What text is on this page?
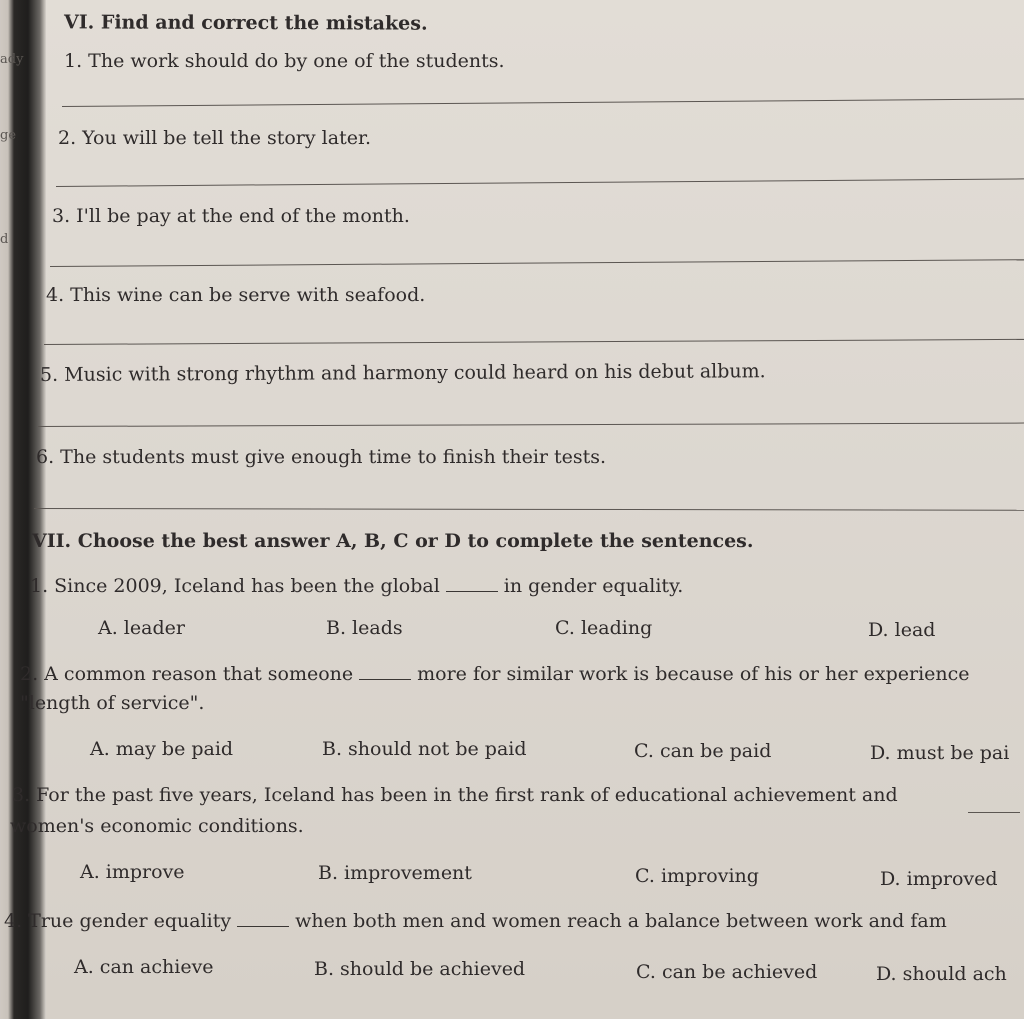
ady
ge
d
VI. Find and correct the mistakes.
1. The work should do by one of the students.
2. You will be tell the story later.
3. I'll be pay at the end of the month.
4. This wine can be serve with seafood.
5. Music with strong rhythm and harmony could heard on his debut album.
6. The students must give enough time to finish their tests.
VII. Choose the best answer A, B, C or D to complete the sentences.
1. Since 2009, Iceland has been the global	in gender equality.
A. leader	B. leads	C. leading	D. lead
2. A common reason that someone	more for similar work is because of his or her experience
"length of service".
A. may be paid	B. should not be paid	C. can be paid	D. must be pai
3. For the past five years, Iceland has been in the first rank of educational achievement and
women's economic conditions.
A. improve	B. improvement	C. improving	D. improved
4. True gender equality	when both men and women reach a balance between work and fam
A. can achieve	B. should be achieved	C. can be achieved	D. should ach
